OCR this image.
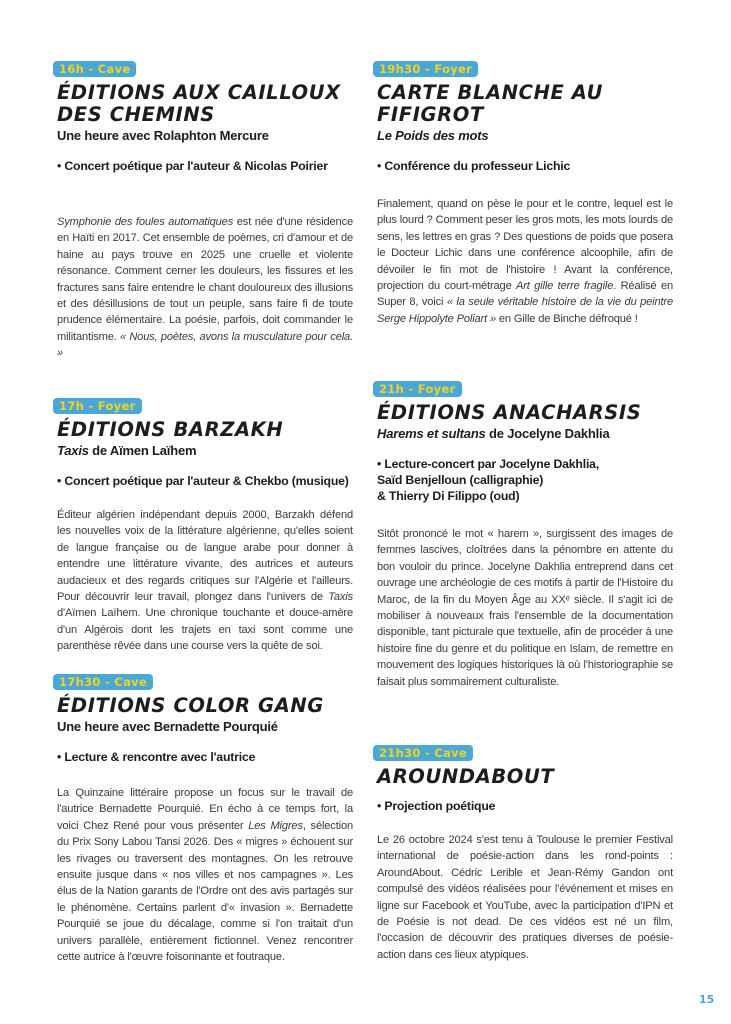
16h - Cave
ÉDITIONS AUX CAILLOUX DES CHEMINS
Une heure avec Rolaphton Mercure
• Concert poétique par l'auteur & Nicolas Poirier

Symphonie des foules automatiques est née d'une résidence en Haïti en 2017. Cet ensemble de poèmes, cri d'amour et de haine au pays trouve en 2025 une cruelle et violente résonance. Comment cerner les douleurs, les fissures et les fractures sans faire entendre le chant douloureux des illusions et des désillusions de tout un peuple, sans faire fi de toute prudence élémentaire. La poésie, parfois, doit commander le militantisme. « Nous, poètes, avons la musculature pour cela. »

19h30 - Foyer
CARTE BLANCHE AU FIFIGROT
Le Poids des mots
• Conférence du professeur Lichic

Finalement, quand on pèse le pour et le contre, lequel est le plus lourd ? Comment peser les gros mots, les mots lourds de sens, les lettres en gras ? Des questions de poids que posera le Docteur Lichic dans une conférence alcoophile, afin de dévoiler le fin mot de l'histoire ! Avant la conférence, projection du court-métrage Art gille terre fragile. Réalisé en Super 8, voici « la seule véritable histoire de la vie du peintre Serge Hippolyte Poliart » en Gille de Binche défroqué !

17h - Foyer
ÉDITIONS BARZAKH
Taxis de Aïmen Laïhem
• Concert poétique par l'auteur & Chekbo (musique)

Éditeur algérien indépendant depuis 2000, Barzakh défend les nouvelles voix de la littérature algérienne, qu'elles soient de langue française ou de langue arabe pour donner à entendre une littérature vivante, des autrices et auteurs audacieux et des regards critiques sur l'Algérie et l'ailleurs. Pour découvrir leur travail, plongez dans l'univers de Taxis d'Aïmen Laïhem. Une chronique touchante et douce-amère d'un Algérois dont les trajets en taxi sont comme une parenthèse rêvée dans une course vers la quête de soi.

21h - Foyer
ÉDITIONS ANACHARSIS
Harems et sultans de Jocelyne Dakhlia
• Lecture-concert par Jocelyne Dakhlia,
Saïd Benjelloun (calligraphie)
& Thierry Di Filippo (oud)

Sitôt prononcé le mot « harem », surgissent des images de femmes lascives, cloîtrées dans la pénombre en attente du bon vouloir du prince. Jocelyne Dakhlia entreprend dans cet ouvrage une archéologie de ces motifs à partir de l'Histoire du Maroc, de la fin du Moyen Âge au XXᵉ siècle. Il s'agit ici de mobiliser à nouveaux frais l'ensemble de la documentation disponible, tant picturale que textuelle, afin de procéder à une histoire fine du genre et du politique en Islam, de remettre en mouvement des logiques historiques là où l'historiographie se faisait plus sommairement culturaliste.

17h30 - Cave
ÉDITIONS COLOR GANG
Une heure avec Bernadette Pourquié
• Lecture & rencontre avec l'autrice

La Quinzaine littéraire propose un focus sur le travail de l'autrice Bernadette Pourquié. En écho à ce temps fort, la voici Chez René pour vous présenter Les Migres, sélection du Prix Sony Labou Tansi 2026. Des « migres » échouent sur les rivages ou traversent des montagnes. On les retrouve ensuite jusque dans « nos villes et nos campagnes ». Les élus de la Nation garants de l'Ordre ont des avis partagés sur le phénomène. Certains parlent d'« invasion ». Bernadette Pourquié se joue du décalage, comme si l'on traitait d'un univers parallèle, entièrement fictionnel. Venez rencontrer cette autrice à l'œuvre foisonnante et foutraque.

21h30 - Cave
AROUNDABOUT
• Projection poétique

Le 26 octobre 2024 s'est tenu à Toulouse le premier Festival international de poésie-action dans les rond-points : AroundAbout. Cédric Lerible et Jean-Rémy Gandon ont compulsé des vidéos réalisées pour l'événement et mises en ligne sur Facebook et YouTube, avec la participation d'IPN et de Poésie is not dead. De ces vidéos est né un film, l'occasion de découvrir des pratiques diverses de poésie-action dans ces lieux atypiques.

15
